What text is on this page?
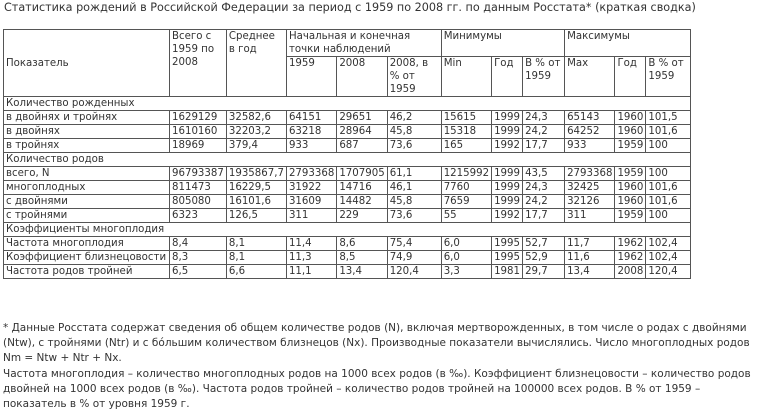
Статистика рождений в Российской Федерации за период с 1959 по 2008 гг. по данным Росстата* (краткая сводка)
Показатель	Всего с 1959 по 2008	Среднее в год	Начальная и конечная точки наблюдений			Минимумы			Максимумы		
			1959	2008	2008, в % от 1959	Min	Год	В % от 1959	Max	Год	В % от 1959
Количество рожденных											
в двойнях и тройнях	1629129	32582,6	64151	29651	46,2	15615	1999	24,3	65143	1960	101,5
в двойнях	1610160	32203,2	63218	28964	45,8	15318	1999	24,2	64252	1960	101,6
в тройнях	18969	379,4	933	687	73,6	165	1992	17,7	933	1959	100
Количество родов											
всего, N	96793387	1935867,7	2793368	1707905	61,1	1215992	1999	43,5	2793368	1959	100
многоплодных	811473	16229,5	31922	14716	46,1	7760	1999	24,3	32425	1960	101,6
с двойнями	805080	16101,6	31609	14482	45,8	7659	1999	24,2	32126	1960	101,6
с тройнями	6323	126,5	311	229	73,6	55	1992	17,7	311	1959	100
Коэффициенты многоплодия											
Частота многоплодия	8,4	8,1	11,4	8,6	75,4	6,0	1995	52,7	11,7	1962	102,4
Коэффициент близнецовости	8,3	8,1	11,3	8,5	74,9	6,0	1995	52,9	11,6	1962	102,4
Частота родов тройней	6,5	6,6	11,1	13,4	120,4	3,3	1981	29,7	13,4	2008	120,4

* Данные Росстата содержат сведения об общем количестве родов (N), включая мертворожденных, в том числе о родах с двойнями (Ntw), с тройнями (Ntr) и с бóльшим количеством близнецов (Nx). Производные показатели вычислялись. Число многоплодных родов Nm = Ntw + Ntr + Nx.

Частота многоплодия – количество многоплодных родов на 1000 всех родов (в ‰). Коэффициент близнецовости – количество родов двойней на 1000 всех родов (в ‰). Частота родов тройней – количество родов тройней на 100000 всех родов. В % от 1959 – показатель в % от уровня 1959 г.
